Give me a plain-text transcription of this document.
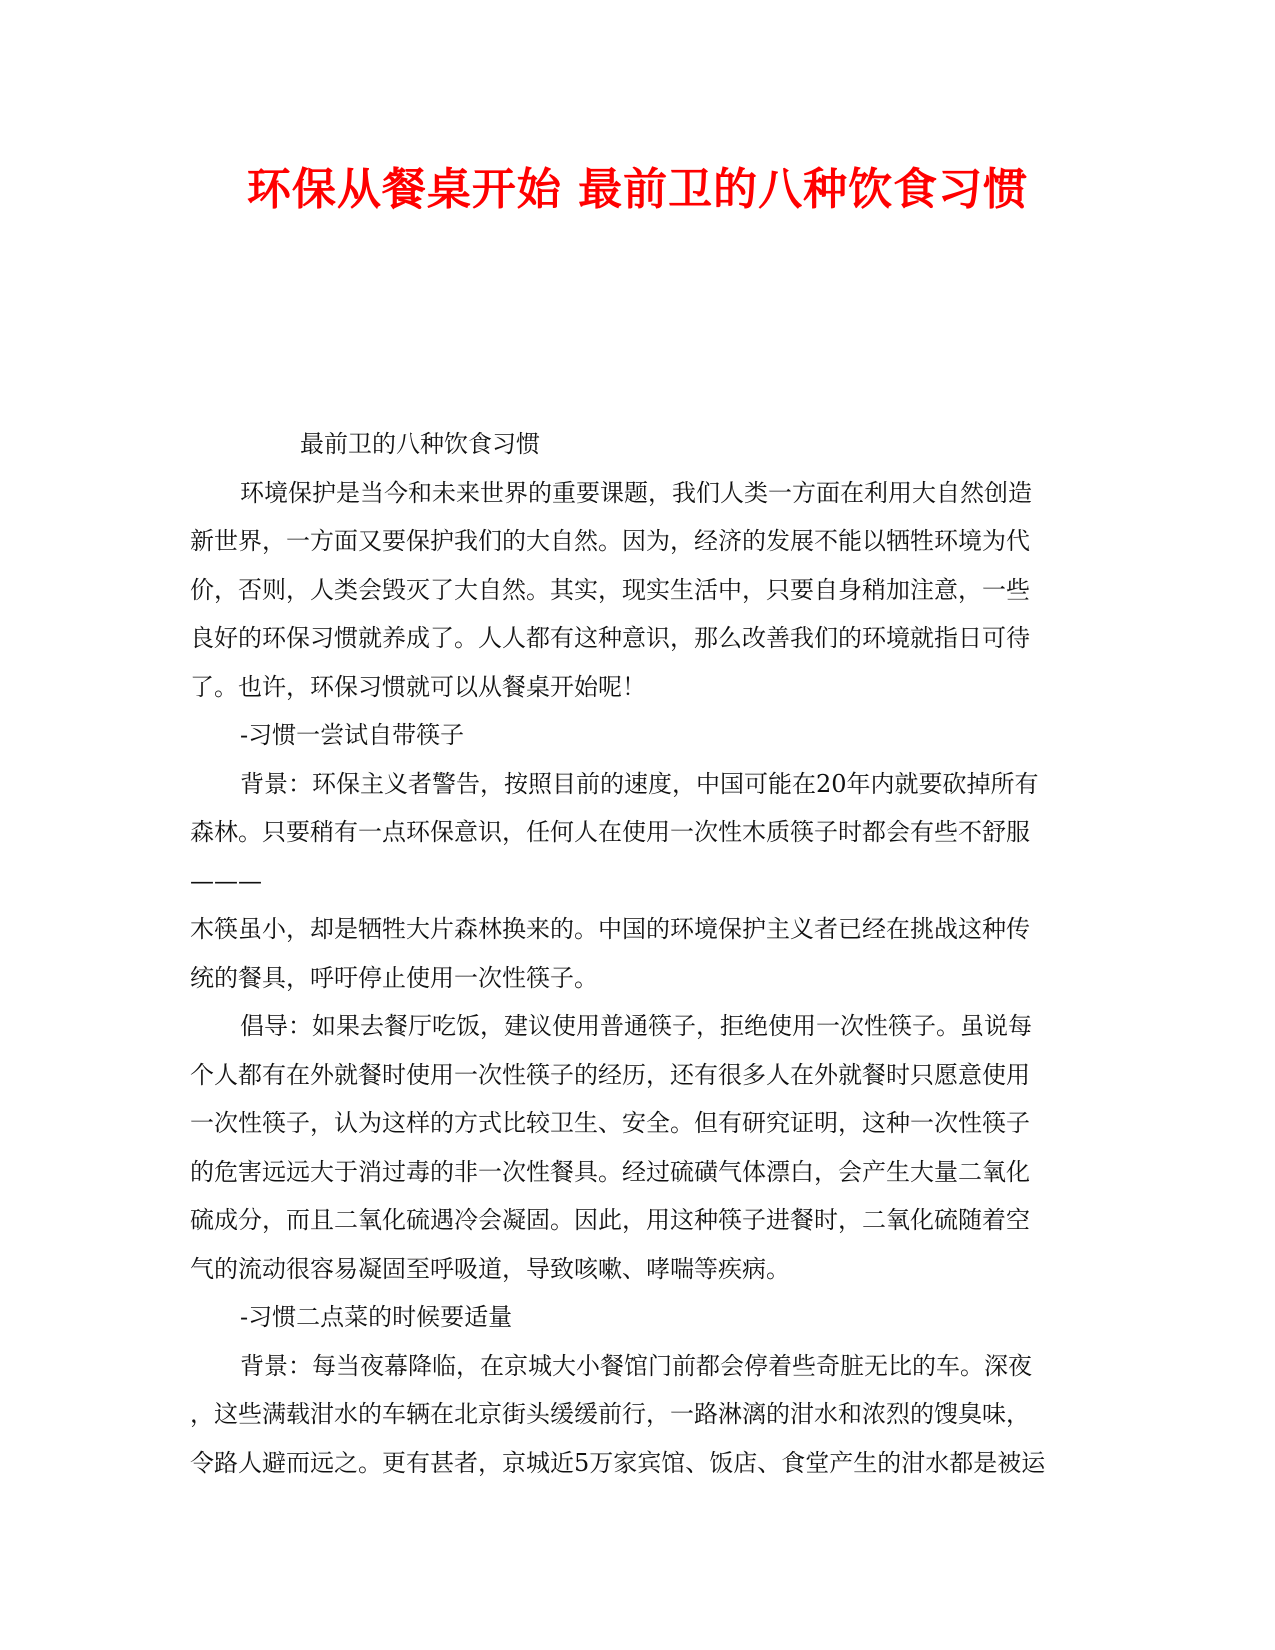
环保从餐桌开始 最前卫的八种饮食习惯

最前卫的八种饮食习惯

环境保护是当今和未来世界的重要课题，我们人类一方面在利用大自然创造

新世界，一方面又要保护我们的大自然。因为，经济的发展不能以牺牲环境为代

价，否则，人类会毁灭了大自然。其实，现实生活中，只要自身稍加注意，一些

良好的环保习惯就养成了。人人都有这种意识，那么改善我们的环境就指日可待

了。也许，环保习惯就可以从餐桌开始呢！

-习惯一尝试自带筷子

背景：环保主义者警告，按照目前的速度，中国可能在20年内就要砍掉所有

森林。只要稍有一点环保意识，任何人在使用一次性木质筷子时都会有些不舒服

———

木筷虽小，却是牺牲大片森林换来的。中国的环境保护主义者已经在挑战这种传

统的餐具，呼吁停止使用一次性筷子。

倡导：如果去餐厅吃饭，建议使用普通筷子，拒绝使用一次性筷子。虽说每

个人都有在外就餐时使用一次性筷子的经历，还有很多人在外就餐时只愿意使用

一次性筷子，认为这样的方式比较卫生、安全。但有研究证明，这种一次性筷子

的危害远远大于消过毒的非一次性餐具。经过硫磺气体漂白，会产生大量二氧化

硫成分，而且二氧化硫遇冷会凝固。因此，用这种筷子进餐时，二氧化硫随着空

气的流动很容易凝固至呼吸道，导致咳嗽、哮喘等疾病。

-习惯二点菜的时候要适量

背景：每当夜幕降临，在京城大小餐馆门前都会停着些奇脏无比的车。深夜

，这些满载泔水的车辆在北京街头缓缓前行，一路淋漓的泔水和浓烈的馊臭味，

令路人避而远之。更有甚者，京城近5万家宾馆、饭店、食堂产生的泔水都是被运
